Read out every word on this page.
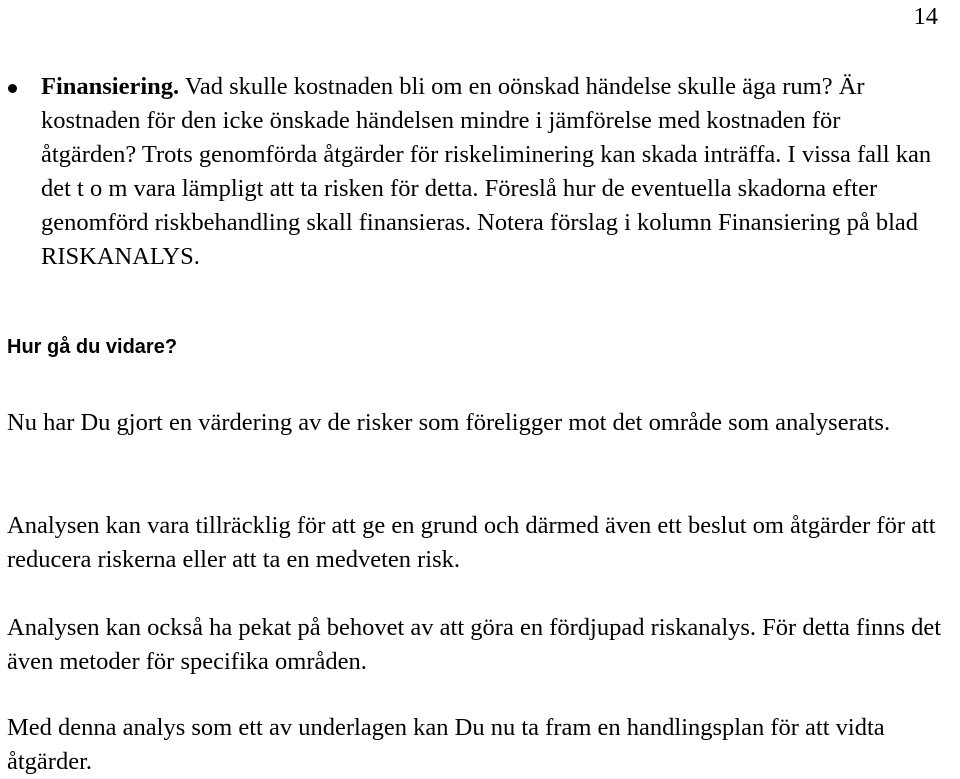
14
Finansiering. Vad skulle kostnaden bli om en oönskad händelse skulle äga rum? Är kostnaden för den icke önskade händelsen mindre i jämförelse med kostnaden för åtgärden? Trots genomförda åtgärder för riskeliminering kan skada inträffa. I vissa fall kan det t o m vara lämpligt att ta risken för detta. Föreslå hur de eventuella skadorna efter genomförd riskbehandling skall finansieras. Notera förslag i kolumn Finansiering på blad RISKANALYS.
Hur gå du vidare?

Nu har Du gjort en värdering av de risker som föreligger mot det område som analyserats.

Analysen kan vara tillräcklig för att ge en grund och därmed även ett beslut om åtgärder för att reducera riskerna eller att ta en medveten risk.

Analysen kan också ha pekat på behovet av att göra en fördjupad riskanalys. För detta finns det även metoder för specifika områden.

Med denna analys som ett av underlagen kan Du nu ta fram en handlingsplan för att vidta åtgärder.
